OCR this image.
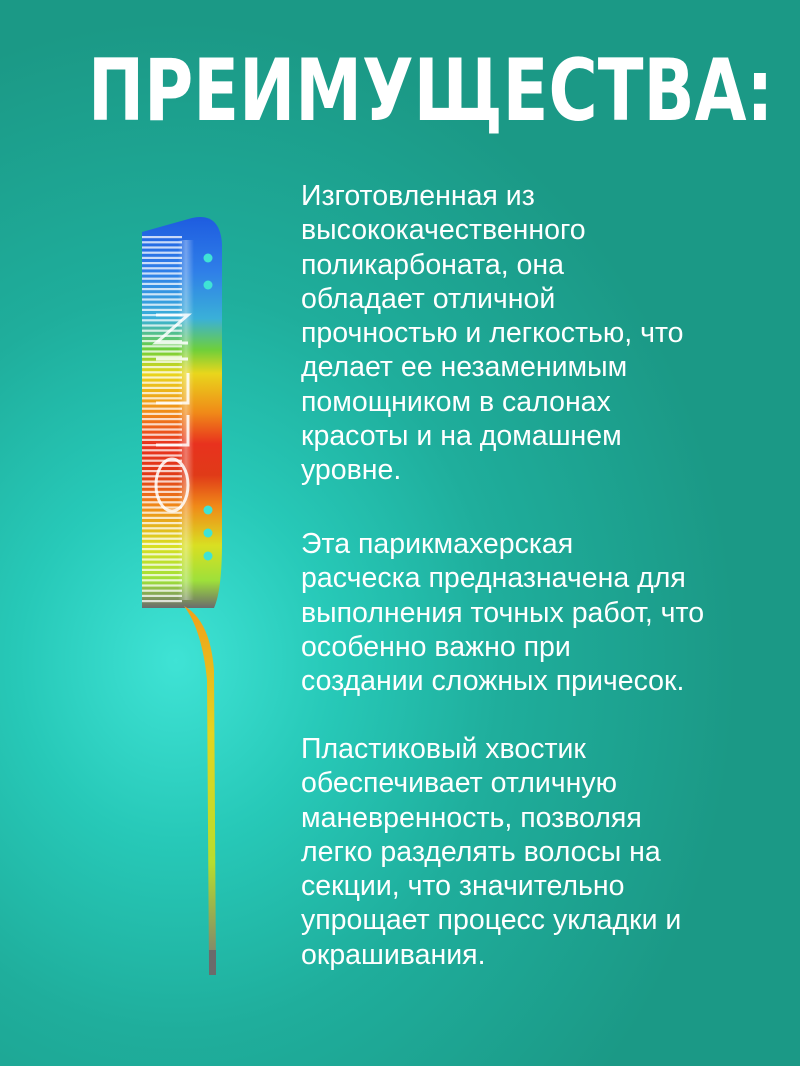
ПРЕИМУЩЕСТВА:
Изготовленная из
высококачественного
поликарбоната, она
обладает отличной
прочностью и легкостью, что
делает ее незаменимым
помощником в салонах
красоты и на домашнем
уровне.
Эта парикмахерская
расческа предназначена для
выполнения точных работ, что
особенно важно при
создании сложных причесок.
Пластиковый хвостик
обеспечивает отличную
маневренность, позволяя
легко разделять волосы на
секции, что значительно
упрощает процесс укладки и
окрашивания.
